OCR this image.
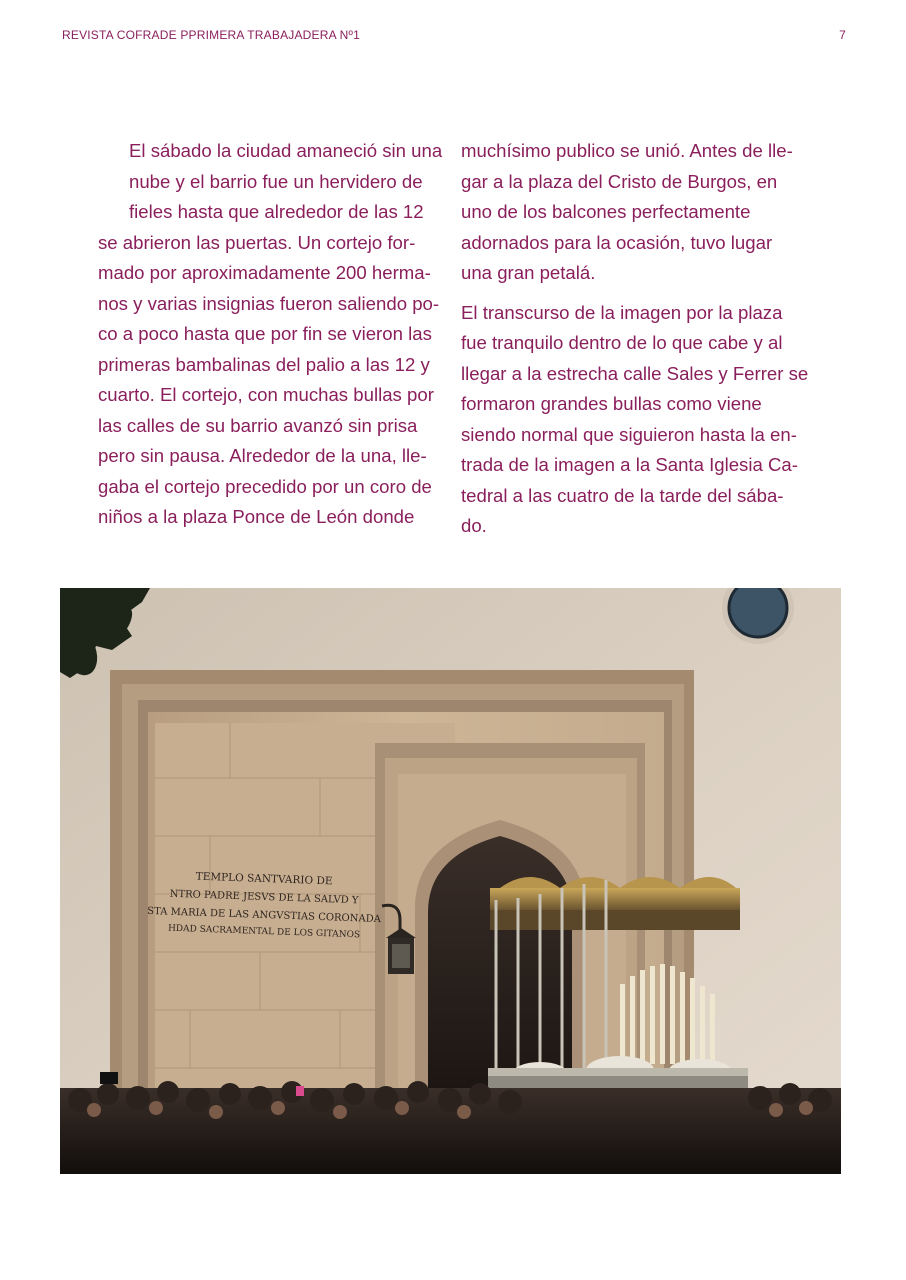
REVISTA COFRADE PPRIMERA TRABAJADERA Nº1	7
El sábado la ciudad amaneció sin una
nube y el barrio fue un hervidero de
fieles hasta que alrededor de las 12
se abrieron las puertas. Un cortejo for-
mado por aproximadamente 200 herma-
nos y varias insignias fueron saliendo po-
co a poco hasta que por fin se vieron las
primeras bambalinas del palio a las 12 y
cuarto. El cortejo, con muchas bullas por
las calles de su barrio avanzó sin prisa
pero sin pausa. Alrededor de la una, lle-
gaba el cortejo precedido por un coro de
niños a la plaza Ponce de León donde
muchísimo publico se unió. Antes de lle-
gar a la plaza del Cristo de Burgos, en
uno de los balcones perfectamente
adornados para la ocasión, tuvo lugar
una gran petalá.
El transcurso de la imagen por la plaza
fue tranquilo dentro de lo que cabe y al
llegar a la estrecha calle Sales y Ferrer se
formaron grandes bullas como viene
siendo normal que siguieron hasta la en-
trada de la imagen a la Santa Iglesia Ca-
tedral a las cuatro de la tarde del sába-
do.
TEMPLO SANTVARIO DE
NTRO PADRE JESVS DE LA SALVD Y
STA MARIA DE LAS ANGVSTIAS CORONADA
HDAD SACRAMENTAL DE LOS GITANOS
